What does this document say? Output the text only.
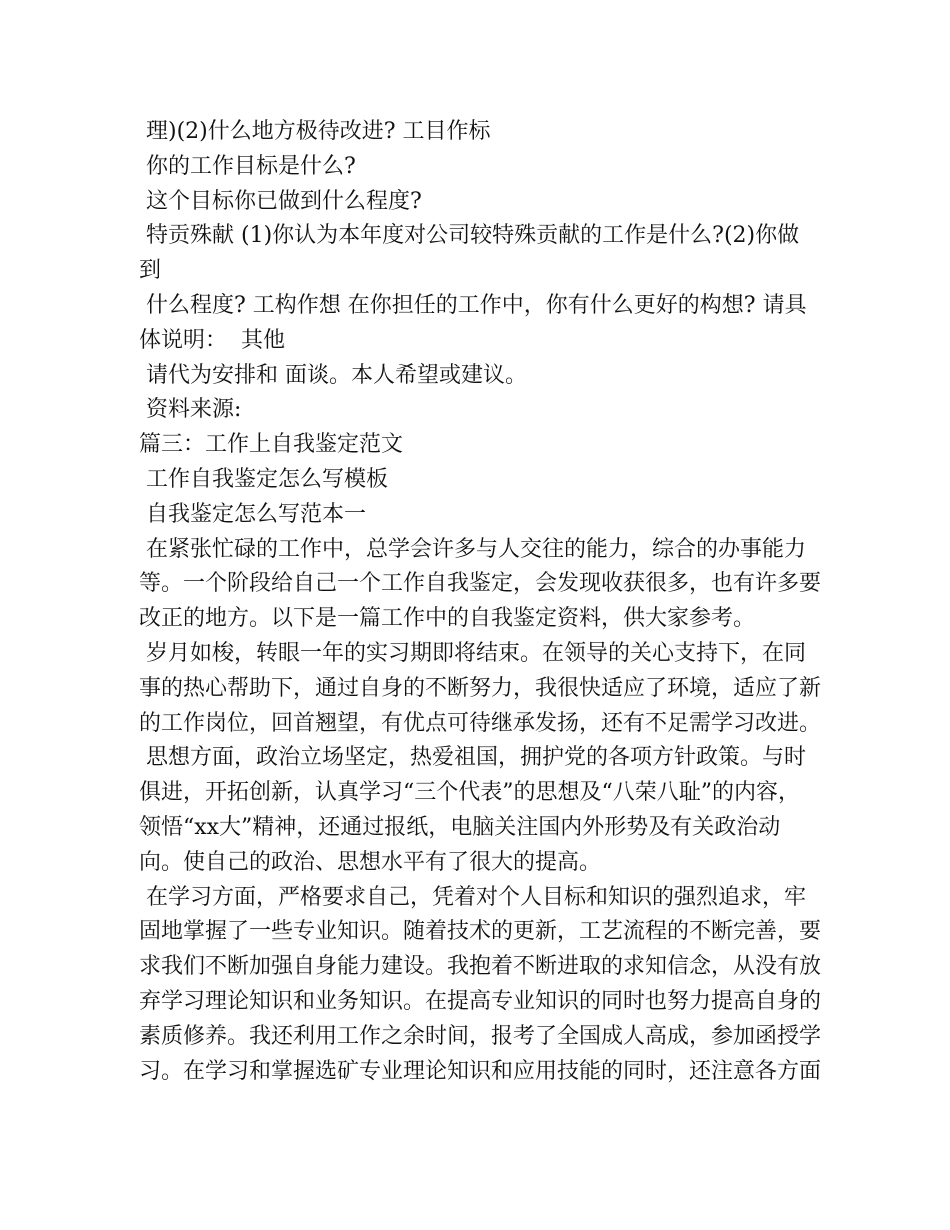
理)(2)什么地方极待改进? 工目作标
你的工作目标是什么?
这个目标你已做到什么程度?
特贡殊献 (1)你认为本年度对公司较特殊贡献的工作是什么?(2)你做
到
什么程度? 工构作想 在你担任的工作中，你有什么更好的构想? 请具
体说明：  其他
请代为安排和 面谈。本人希望或建议。
资料来源:
篇三：工作上自我鉴定范文
工作自我鉴定怎么写模板
自我鉴定怎么写范本一
在紧张忙碌的工作中，总学会许多与人交往的能力，综合的办事能力
等。一个阶段给自己一个工作自我鉴定，会发现收获很多，也有许多要
改正的地方。以下是一篇工作中的自我鉴定资料，供大家参考。
岁月如梭，转眼一年的实习期即将结束。在领导的关心支持下，在同
事的热心帮助下，通过自身的不断努力，我很快适应了环境，适应了新
的工作岗位，回首翘望，有优点可待继承发扬，还有不足需学习改进。
思想方面，政治立场坚定，热爱祖国，拥护党的各项方针政策。与时
俱进，开拓创新，认真学习“三个代表”的思想及“八荣八耻”的内容，
领悟“xx大”精神，还通过报纸，电脑关注国内外形势及有关政治动
向。使自己的政治、思想水平有了很大的提高。
在学习方面，严格要求自己，凭着对个人目标和知识的强烈追求，牢
固地掌握了一些专业知识。随着技术的更新，工艺流程的不断完善，要
求我们不断加强自身能力建设。我抱着不断进取的求知信念，从没有放
弃学习理论知识和业务知识。在提高专业知识的同时也努力提高自身的
素质修养。我还利用工作之余时间，报考了全国成人高成，参加函授学
习。在学习和掌握选矿专业理论知识和应用技能的同时，还注意各方面
